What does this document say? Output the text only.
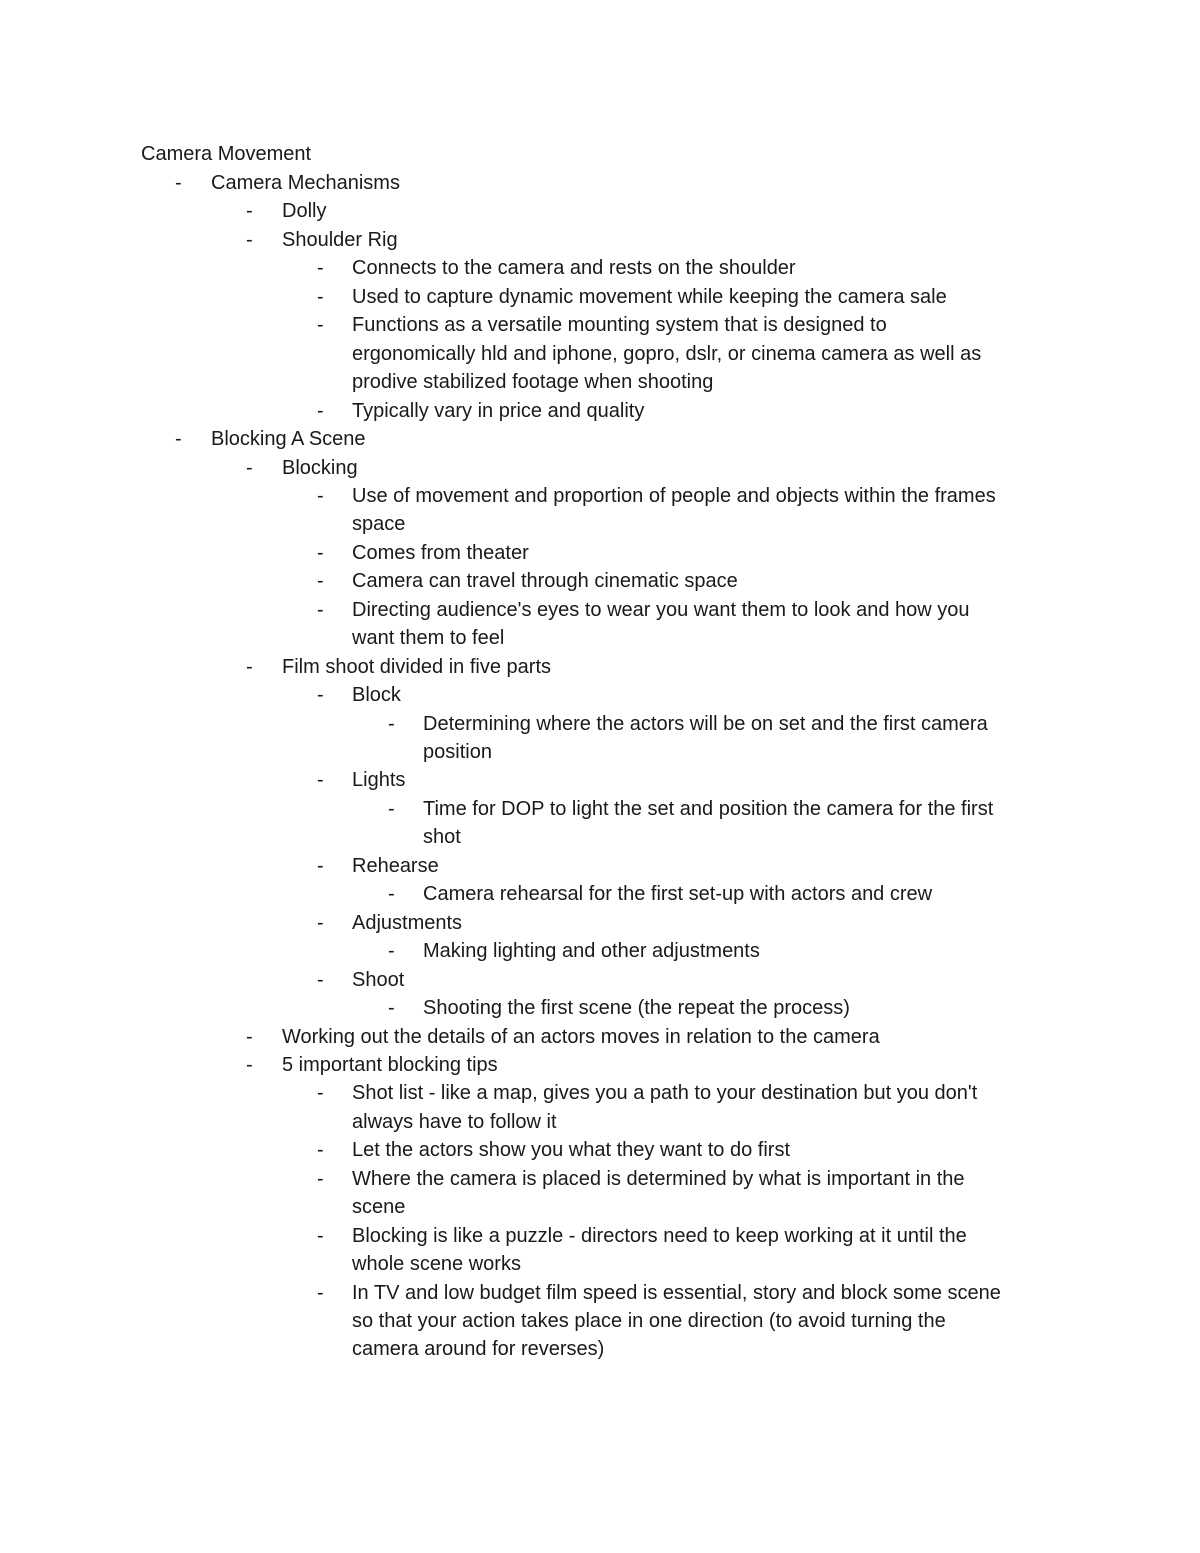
Camera Movement
- Camera Mechanisms
- Dolly
- Shoulder Rig
- Connects to the camera and rests on the shoulder
- Used to capture dynamic movement while keeping the camera sale
- Functions as a versatile mounting system that is designed to
ergonomically hld and iphone, gopro, dslr, or cinema camera as well as
prodive stabilized footage when shooting
- Typically vary in price and quality
- Blocking A Scene
- Blocking
- Use of movement and proportion of people and objects within the frames
space
- Comes from theater
- Camera can travel through cinematic space
- Directing audience's eyes to wear you want them to look and how you
want them to feel
- Film shoot divided in five parts
- Block
- Determining where the actors will be on set and the first camera
position
- Lights
- Time for DOP to light the set and position the camera for the first
shot
- Rehearse
- Camera rehearsal for the first set-up with actors and crew
- Adjustments
- Making lighting and other adjustments
- Shoot
- Shooting the first scene (the repeat the process)
- Working out the details of an actors moves in relation to the camera
- 5 important blocking tips
- Shot list - like a map, gives you a path to your destination but you don't
always have to follow it
- Let the actors show you what they want to do first
- Where the camera is placed is determined by what is important in the
scene
- Blocking is like a puzzle - directors need to keep working at it until the
whole scene works
- In TV and low budget film speed is essential, story and block some scene
so that your action takes place in one direction (to avoid turning the
camera around for reverses)
